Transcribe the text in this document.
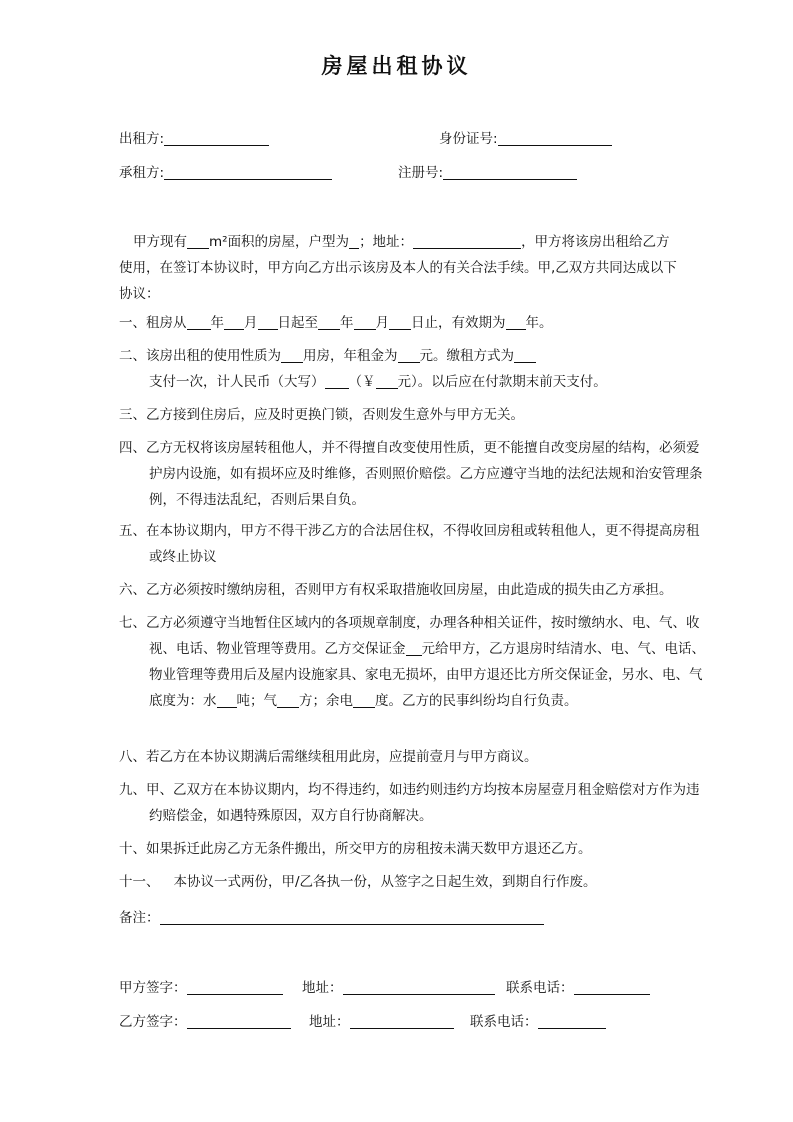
房屋出租协议
出租方:	身份证号:
承租方:	注册号:
甲方现有 m²面积的房屋，户型为 ；地址：	，甲方将该房出租给乙方使用，在签订本协议时，甲方向乙方出示该房及本人的有关合法手续。甲,乙双方共同达成以下协议：
一、租房从 年 月 日起至 年 月 日止，有效期为 年。
二、该房出租的使用性质为 用房，年租金为 元。缴租方式为支付一次，计人民币（大写） （￥ 元）。以后应在付款期末前天支付。
三、乙方接到住房后，应及时更换门锁，否则发生意外与甲方无关。
四、乙方无权将该房屋转租他人，并不得擅自改变使用性质，更不能擅自改变房屋的结构，必须爱护房内设施，如有损坏应及时维修，否则照价赔偿。乙方应遵守当地的法纪法规和治安管理条例，不得违法乱纪，否则后果自负。
五、在本协议期内，甲方不得干涉乙方的合法居住权，不得收回房租或转租他人，更不得提高房租或终止协议
六、乙方必须按时缴纳房租，否则甲方有权采取措施收回房屋，由此造成的损失由乙方承担。
七、乙方必须遵守当地暂住区域内的各项规章制度，办理各种相关证件，按时缴纳水、电、气、收视、电话、物业管理等费用。乙方交保证金 元给甲方，乙方退房时结清水、电、气、电话、物业管理等费用后及屋内设施家具、家电无损坏，由甲方退还比方所交保证金，另水、电、气底度为：水 吨；气 方；余电 度。乙方的民事纠纷均自行负责。
八、若乙方在本协议期满后需继续租用此房，应提前壹月与甲方商议。
九、甲、乙双方在本协议期内，均不得违约，如违约则违约方均按本房屋壹月租金赔偿对方作为违约赔偿金，如遇特殊原因，双方自行协商解决。
十、如果拆迁此房乙方无条件搬出，所交甲方的房租按未满天数甲方退还乙方。
十一、 本协议一式两份，甲/乙各执一份，从签字之日起生效，到期自行作废。
备注：
甲方签字：	地址：	联系电话：
乙方签字：	地址：	联系电话：
